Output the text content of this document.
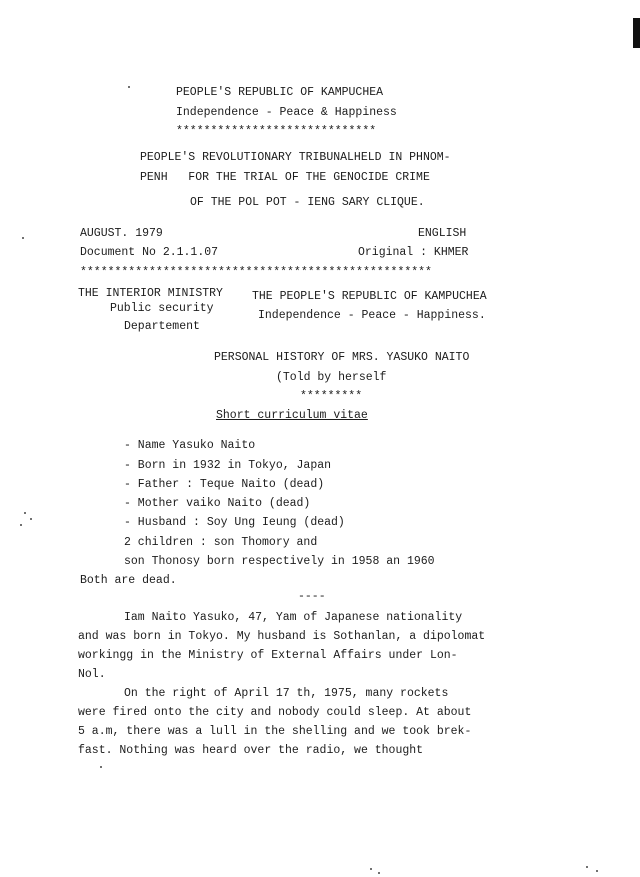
PEOPLE'S REPUBLIC OF KAMPUCHEA
Independence - Peace & Happiness
*****************************
PEOPLE'S REVOLUTIONARY TRIBUNALHELD IN PHNOM-
PENH   FOR THE TRIAL OF THE GENOCIDE CRIME
OF THE POL POT - IENG SARY CLIQUE.
AUGUST. 1979	ENGLISH
Document No 2.1.1.07	Original : KHMER
***************************************************
THE INTERIOR MINISTRY
Public security
Departement
THE PEOPLE'S REPUBLIC OF KAMPUCHEA
Independence - Peace - Happiness.
PERSONAL HISTORY OF MRS. YASUKO NAITO
(Told by herself
*********
Short curriculum vitae
- Name Yasuko Naito
- Born in 1932 in Tokyo, Japan
- Father : Teque Naito (dead)
- Mother vaiko Naito (dead)
- Husband : Soy Ung Ieung (dead)
2 children : son Thomory and
son Thonosy born respectively in 1958 an 1960
Both are dead.
----
Iam Naito Yasuko, 47, Yam of Japanese nationality
and was born in Tokyo. My husband is Sothanlan, a dipolomat
workingg in the Ministry of External Affairs under Lon-
Nol.
On the right of April 17 th, 1975, many rockets
were fired onto the city and nobody could sleep. At about
5 a.m, there was a lull in the shelling and we took brek-
fast. Nothing was heard over the radio, we thought
